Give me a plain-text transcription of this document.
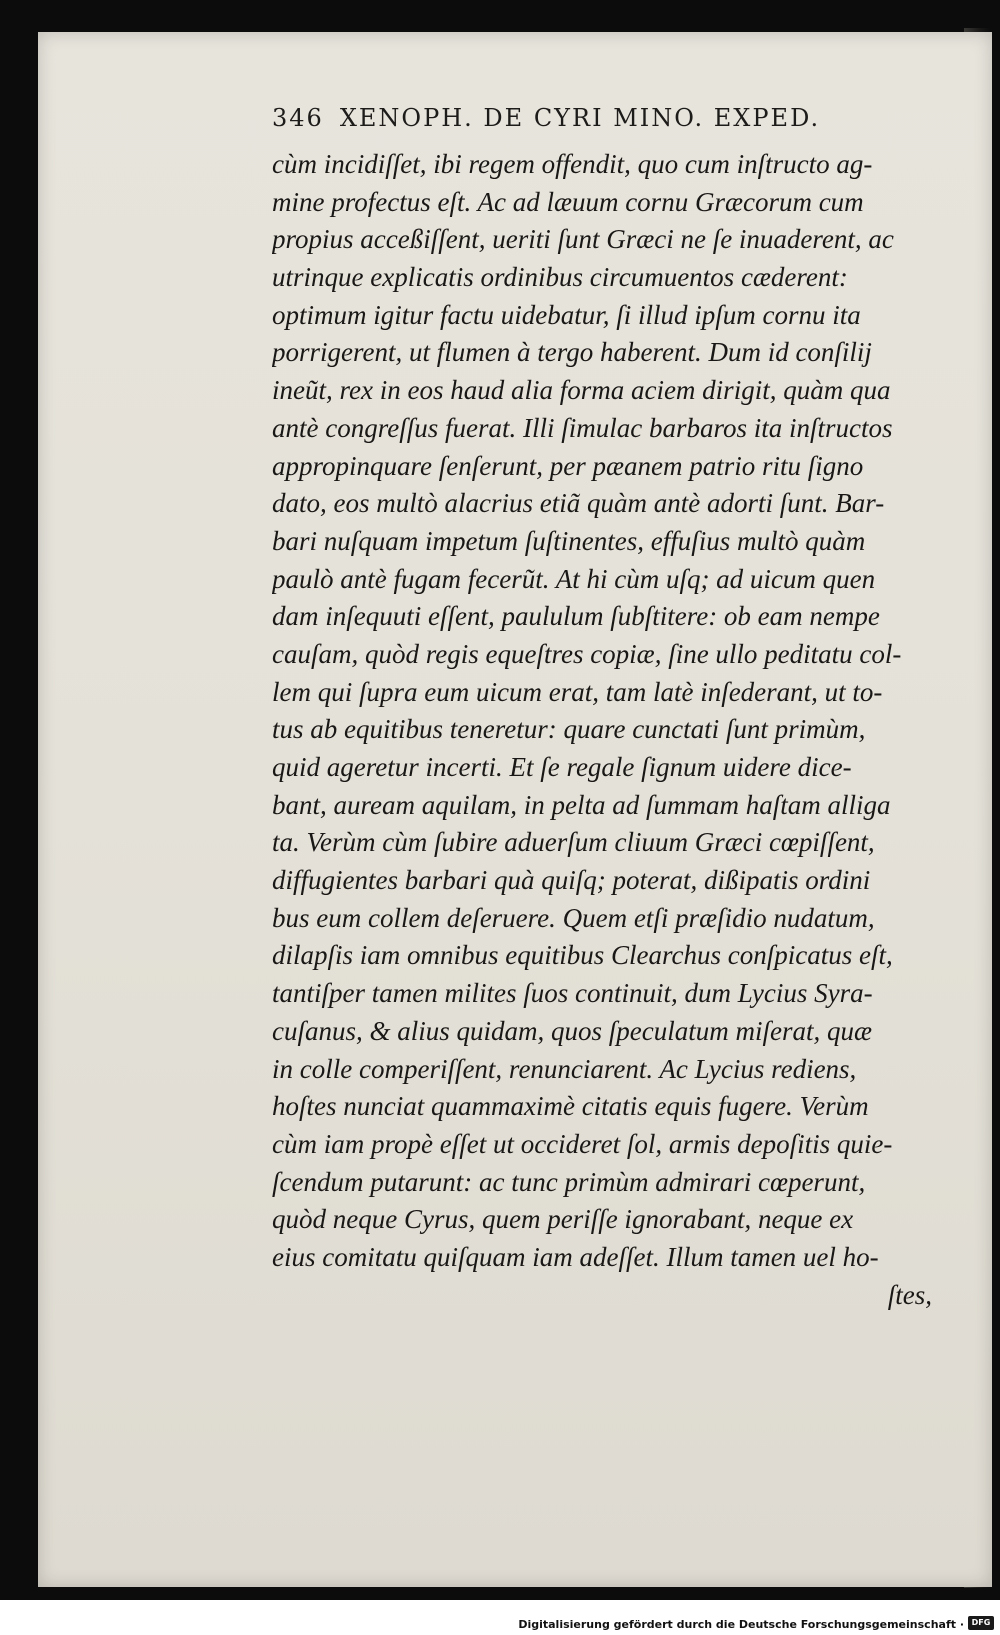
346 XENOPH. DE CYRI MINO. EXPED.
cùm incidiſſet, ibi regem offendit, quo cum inſtructo ag-
mine profectus eſt. Ac ad læuum cornu Græcorum cum
propius acceßiſſent, ueriti ſunt Græci ne ſe inuaderent, ac
utrinque explicatis ordinibus circumuentos cæderent:
optimum igitur factu uidebatur, ſi illud ipſum cornu ita
porrigerent, ut flumen à tergo haberent. Dum id conſilij
ineũt, rex in eos haud alia forma aciem dirigit, quàm qua
antè congreſſus fuerat. Illi ſimulac barbaros ita inſtructos
appropinquare ſenſerunt, per pæanem patrio ritu ſigno
dato, eos multò alacrius etiã quàm antè adorti ſunt. Bar-
bari nuſquam impetum ſuſtinentes, effuſius multò quàm
paulò antè fugam fecerũt. At hi cùm uſq; ad uicum quen
dam inſequuti eſſent, paululum ſubſtitere: ob eam nempe
cauſam, quòd regis equeſtres copiæ, ſine ullo peditatu col-
lem qui ſupra eum uicum erat, tam latè inſederant, ut to-
tus ab equitibus teneretur: quare cunctati ſunt primùm,
quid ageretur incerti. Et ſe regale ſignum uidere dice-
bant, auream aquilam, in pelta ad ſummam haſtam alliga
ta. Verùm cùm ſubire aduerſum cliuum Græci cœpiſſent,
diffugientes barbari quà quiſq; poterat, dißipatis ordini
bus eum collem deſeruere. Quem etſi præſidio nudatum,
dilapſis iam omnibus equitibus Clearchus conſpicatus eſt,
tantiſper tamen milites ſuos continuit, dum Lycius Syra-
cuſanus, & alius quidam, quos ſpeculatum miſerat, quæ
in colle comperiſſent, renunciarent. Ac Lycius rediens,
hoſtes nunciat quammaximè citatis equis fugere. Verùm
cùm iam propè eſſet ut occideret ſol, armis depoſitis quie-
ſcendum putarunt: ac tunc primùm admirari cœperunt,
quòd neque Cyrus, quem periſſe ignorabant, neque ex
eius comitatu quiſquam iam adeſſet. Illum tamen uel ho-
ſtes,
Digitalisierung gefördert durch die Deutsche Forschungsgemeinschaft · DFG
